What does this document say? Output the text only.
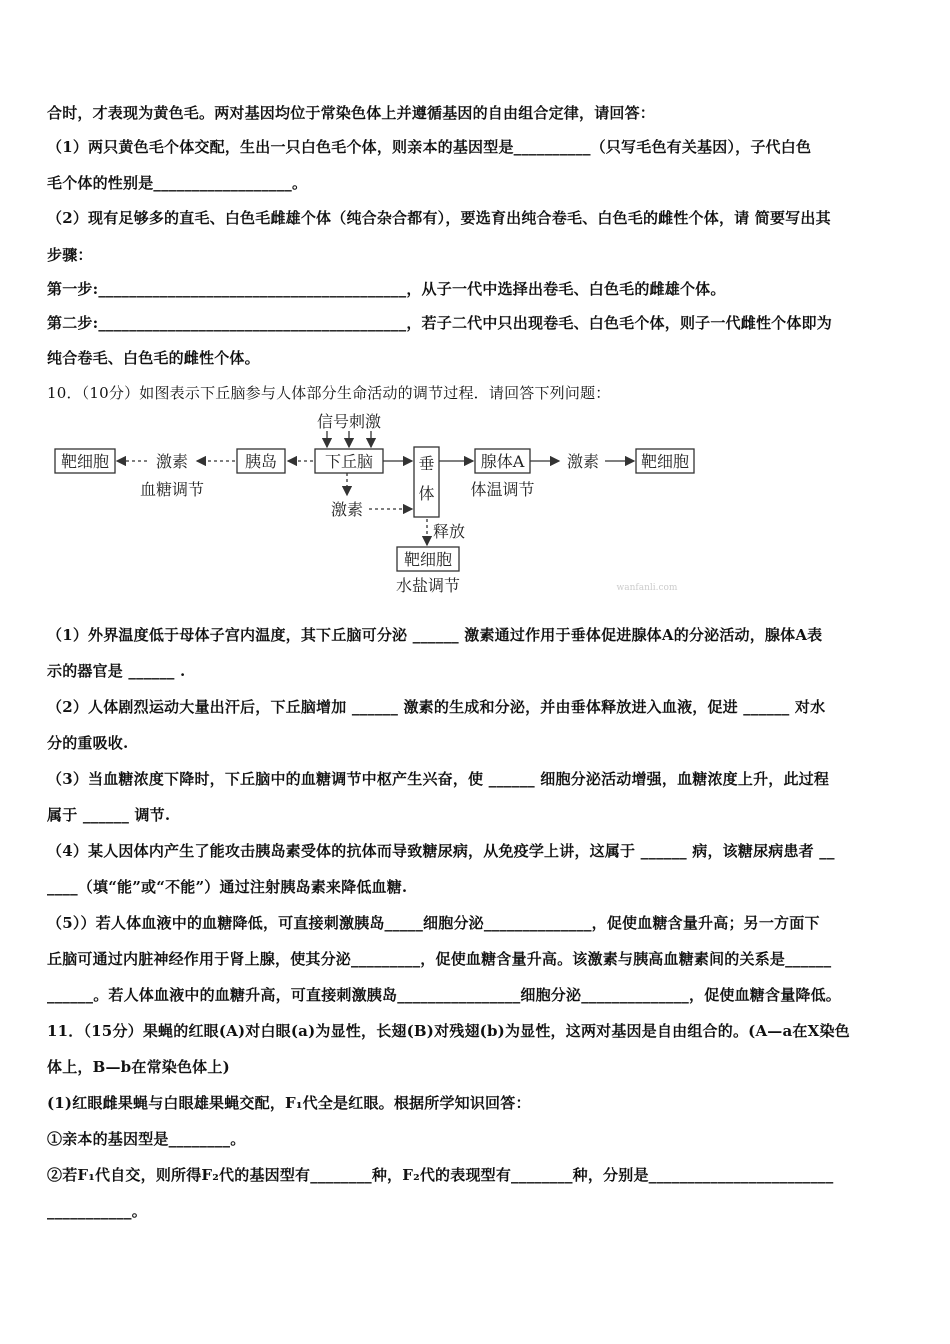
合时，才表现为黄色毛。两对基因均位于常染色体上并遵循基因的自由组合定律，请回答：
（1）两只黄色毛个体交配，生出一只白色毛个体，则亲本的基因型是__________（只写毛色有关基因），子代白色
毛个体的性别是__________________。
（2）现有足够多的直毛、白色毛雌雄个体（纯合杂合都有），要选育出纯合卷毛、白色毛的雌性个体，请 简要写出其
步骤：
第一步:________________________________________，从子一代中选择出卷毛、白色毛的雌雄个体。
第二步:________________________________________，若子二代中只出现卷毛、白色毛个体，则子一代雌性个体即为
纯合卷毛、白色毛的雌性个体。
10．（10分）如图表示下丘脑参与人体部分生命活动的调节过程．请回答下列问题：
靶细胞	激素
血糖调节
胰岛	下丘脑
信号刺激
垂
体
腺体A
体温调节
激素	靶细胞
激素
释放
靶细胞
水盐调节	wanfanli.com
（1）外界温度低于母体子宫内温度，其下丘脑可分泌 ______ 激素通过作用于垂体促进腺体A的分泌活动，腺体A表
示的器官是 ______ .
（2）人体剧烈运动大量出汗后，下丘脑增加 ______ 激素的生成和分泌，并由垂体释放进入血液，促进 ______ 对水
分的重吸收.
（3）当血糖浓度下降时，下丘脑中的血糖调节中枢产生兴奋，使 ______ 细胞分泌活动增强，血糖浓度上升，此过程
属于 ______ 调节.
（4）某人因体内产生了能攻击胰岛素受体的抗体而导致糖尿病，从免疫学上讲，这属于 ______ 病，该糖尿病患者 __
____（填“能”或“不能”）通过注射胰岛素来降低血糖.
（5））若人体血液中的血糖降低，可直接刺激胰岛_____细胞分泌______________，促使血糖含量升高；另一方面下
丘脑可通过内脏神经作用于肾上腺，使其分泌_________，促使血糖含量升高。该激素与胰高血糖素间的关系是______
______。若人体血液中的血糖升高，可直接刺激胰岛________________细胞分泌______________，促使血糖含量降低。
11．（15分）果蝇的红眼(A)对白眼(a)为显性，长翅(B)对残翅(b)为显性，这两对基因是自由组合的。(A—a在X染色
体上，B—b在常染色体上)
(1)红眼雌果蝇与白眼雄果蝇交配，F₁代全是红眼。根据所学知识回答：
①亲本的基因型是________。
②若F₁代自交，则所得F₂代的基因型有________种，F₂代的表现型有________种，分别是________________________
___________。
